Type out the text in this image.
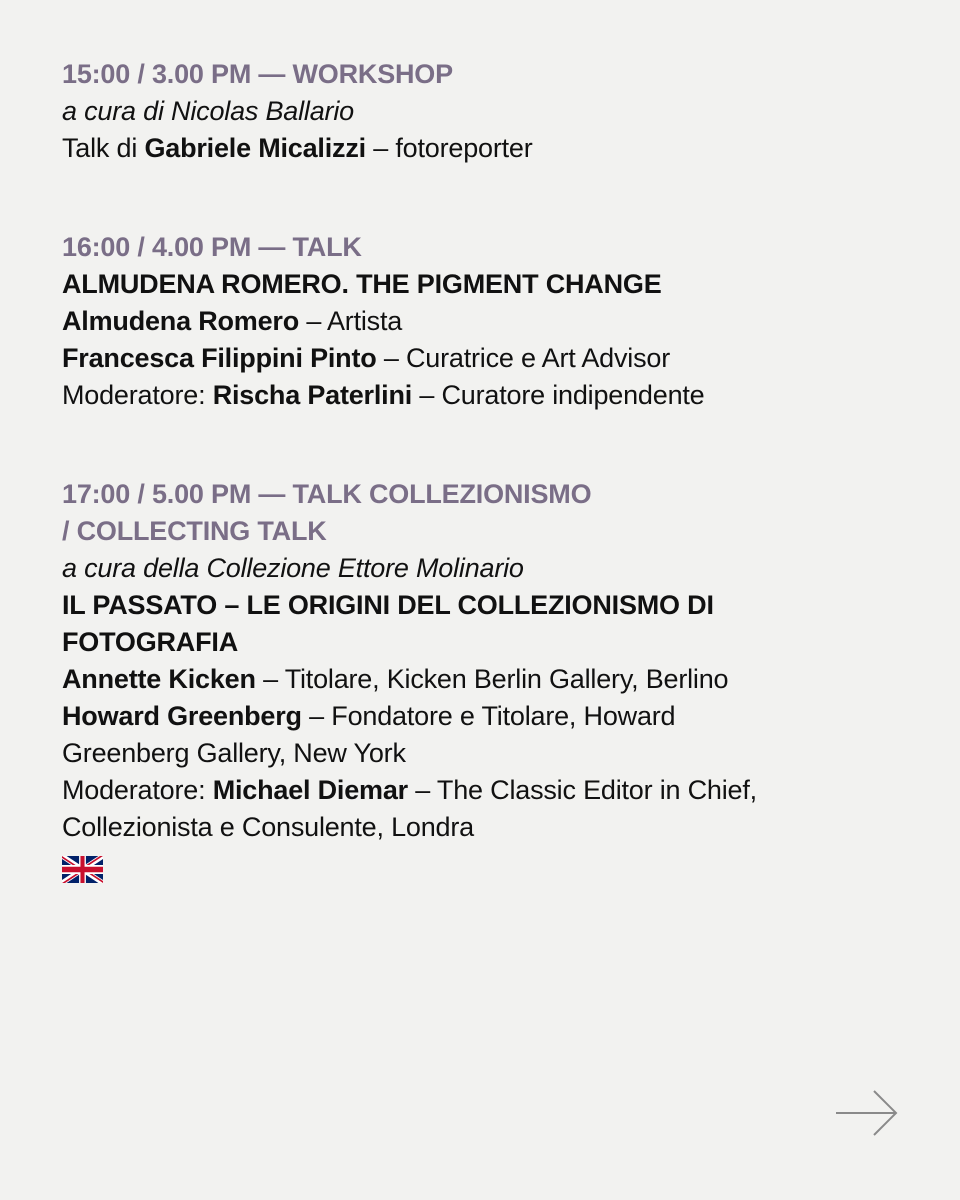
15:00 / 3.00 PM — WORKSHOP
a cura di Nicolas Ballario
Talk di Gabriele Micalizzi – fotoreporter
16:00 / 4.00 PM — TALK
ALMUDENA ROMERO. THE PIGMENT CHANGE
Almudena Romero – Artista
Francesca Filippini Pinto – Curatrice e Art Advisor
Moderatore: Rischa Paterlini – Curatore indipendente
17:00 / 5.00 PM — TALK COLLEZIONISMO
/ COLLECTING TALK
a cura della Collezione Ettore Molinario
IL PASSATO – LE ORIGINI DEL COLLEZIONISMO DI
FOTOGRAFIA
Annette Kicken – Titolare, Kicken Berlin Gallery, Berlino
Howard Greenberg – Fondatore e Titolare, Howard
Greenberg Gallery, New York
Moderatore: Michael Diemar – The Classic Editor in Chief,
Collezionista e Consulente, Londra
